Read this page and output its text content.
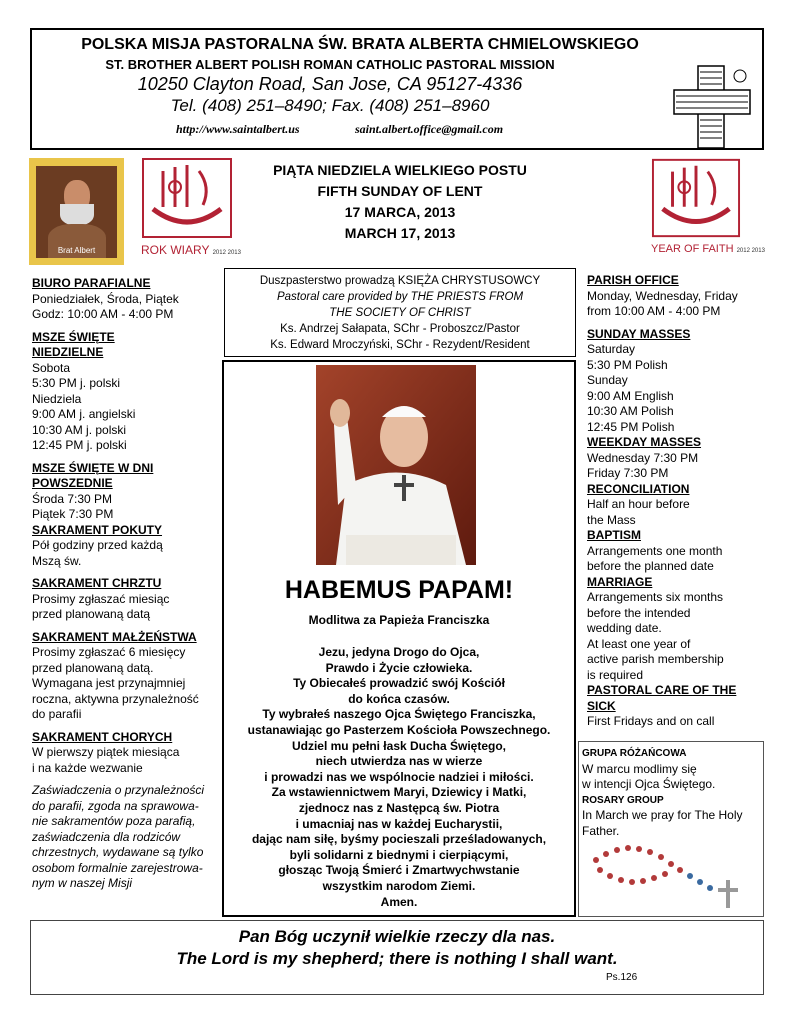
POLSKA MISJA PASTORALNA ŚW. BRATA ALBERTA CHMIELOWSKIEGO
ST. BROTHER ALBERT POLISH ROMAN CATHOLIC PASTORAL MISSION
10250 Clayton Road, San Jose, CA 95127-4336
Tel. (408) 251–8490; Fax. (408) 251–8960
http://www.saintalbert.us	saint.albert.office@gmail.com
Brat Albert	ROK WIARY 2012 2013	YEAR OF FAITH 2012 2013
PIĄTA NIEDZIELA WIELKIEGO POSTU
FIFTH SUNDAY OF LENT
17 MARCA, 2013
MARCH 17, 2013
Duszpasterstwo prowadzą KSIĘŻA CHRYSTUSOWCY
Pastoral care provided by THE PRIESTS FROM
THE SOCIETY OF CHRIST
Ks. Andrzej Sałapata, SChr - Proboszcz/Pastor
Ks. Edward Mroczyński, SChr - Rezydent/Resident
BIURO PARAFIALNE
Poniedziałek, Środa, Piątek
Godz: 10:00 AM - 4:00 PM
MSZE ŚWIĘTE
NIEDZIELNE
Sobota
5:30 PM j. polski
Niedziela
9:00 AM j. angielski
10:30 AM j. polski
12:45 PM j. polski
MSZE ŚWIĘTE W DNI
POWSZEDNIE
Środa 7:30 PM
Piątek 7:30 PM
SAKRAMENT POKUTY
Pół godziny przed każdą
Mszą św.
SAKRAMENT CHRZTU
Prosimy zgłaszać miesiąc
przed planowaną datą
SAKRAMENT MAŁŻEŃSTWA
Prosimy zgłaszać 6 miesięcy
przed planowaną datą.
Wymagana jest przynajmniej
roczna, aktywna przynależność
do parafii
SAKRAMENT CHORYCH
W pierwszy piątek miesiąca
i na każde wezwanie
Zaświadczenia o przynależności
do parafii, zgoda na sprawowa-
nie sakramentów poza parafią,
zaświadczenia dla rodziców
chrzestnych, wydawane są tylko
osobom formalnie zarejestrowa-
nym w naszej Misji
PARISH OFFICE
Monday, Wednesday, Friday
from 10:00 AM - 4:00 PM
SUNDAY MASSES
Saturday
5:30 PM Polish
Sunday
9:00 AM English
10:30 AM Polish
12:45 PM Polish
WEEKDAY MASSES
Wednesday 7:30 PM
Friday 7:30 PM
RECONCILIATION
Half an hour before
the Mass
BAPTISM
Arrangements one month
before the planned date
MARRIAGE
Arrangements six months
before the intended
wedding date.
At least one year of
active parish membership
is required
PASTORAL CARE OF THE
SICK
First Fridays and on call
HABEMUS PAPAM!
Modlitwa za Papieża Franciszka
Jezu, jedyna Drogo do Ojca,
Prawdo i Życie człowieka.
Ty Obiecałeś prowadzić swój Kościół
do końca czasów.
Ty wybrałeś naszego Ojca Świętego Franciszka,
ustanawiając go Pasterzem Kościoła Powszechnego.
Udziel mu pełni łask Ducha Świętego,
niech utwierdza nas w wierze
i prowadzi nas we wspólnocie nadziei i miłości.
Za wstawiennictwem Maryi, Dziewicy i Matki,
zjednocz nas z Następcą św. Piotra
i umacniaj nas w każdej Eucharystii,
dając nam siłę, byśmy pocieszali prześladowanych,
byli solidarni z biednymi i cierpiącymi,
głosząc Twoją Śmierć i Zmartwychwstanie
wszystkim narodom Ziemi.
Amen.
GRUPA RÓŻAŃCOWA
W marcu modlimy się
w intencji Ojca Świętego.
ROSARY GROUP
In March we pray for The Holy
Father.
Pan Bóg uczynił wielkie rzeczy dla nas.
The Lord is my shepherd; there is nothing I shall want.
Ps.126
